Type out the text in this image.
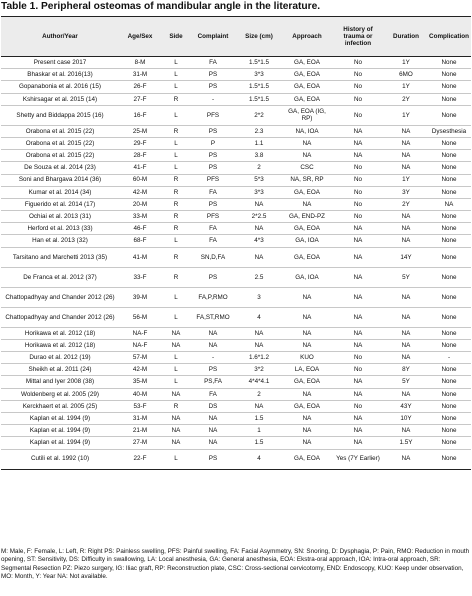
Table 1. Peripheral osteomas of mandibular angle in the literature.
Author/Year	Age/Sex	Side	Complaint	Size (cm)	Approach	History of trauma or infection	Duration	Complication
Present case 2017	8-M	L	FA	1.5*1.5	GA, EOA	No	1Y	None
Bhaskar et al. 2016(13)	31-M	L	PS	3*3	GA, EOA	No	6MO	None
Gopanabonia et al. 2016 (15)	26-F	L	PS	1.5*1.5	GA, EOA	No	1Y	None
Kshirsagar et al. 2015 (14)	27-F	R	-	1.5*1.5	GA, EOA	No	2Y	None
Shetty and Biddappa 2015 (16)	16-F	L	PFS	2*2	GA, EOA (IG, RP)	No	1Y	None
Orabona et al. 2015 (22)	25-M	R	PS	2.3	NA, IOA	NA	NA	Dysesthesia
Orabona et al. 2015 (22)	29-F	L	P	1.1	NA	NA	NA	None
Orabona et al. 2015 (22)	28-F	L	PS	3.8	NA	NA	NA	None
De Souza et al. 2014 (23)	41-F	L	PS	2	CSC	No	NA	None
Soni and Bhargava 2014 (36)	60-M	R	PFS	5*3	NA, SR, RP	No	1Y	None
Kumar et al. 2014 (34)	42-M	R	FA	3*3	GA, EOA	No	3Y	None
Figuerido et al. 2014 (17)	20-M	R	PS	NA	NA	No	2Y	NA
Ochiai et al. 2013 (31)	33-M	R	PFS	2*2.5	GA, END-PZ	No	NA	None
Herford et al. 2013 (33)	46-F	R	FA	NA	GA, EOA	NA	NA	None
Han et al. 2013 (32)	68-F	L	FA	4*3	GA, IOA	NA	NA	None
Tarsitano and Marchetti 2013 (35)	41-M	R	SN,D,FA	NA	GA, EOA	NA	14Y	None
De Franca et al. 2012 (37)	33-F	R	PS	2.5	GA, IOA	NA	5Y	None
Chattopadhyay and Chander 2012 (26)	39-M	L	FA,P,RMO	3	NA	NA	NA	None
Chattopadhyay and Chander 2012 (26)	56-M	L	FA,ST,RMO	4	NA	NA	NA	None
Horikawa et al. 2012 (18)	NA-F	NA	NA	NA	NA	NA	NA	None
Horikawa et al. 2012 (18)	NA-F	NA	NA	NA	NA	NA	NA	None
Durao et al. 2012 (19)	57-M	L	-	1.6*1.2	KUO	No	NA	-
Sheikh et al. 2011 (24)	42-M	L	PS	3*2	LA, EOA	No	8Y	None
Mittal and Iyer 2008 (38)	35-M	L	PS,FA	4*4*4.1	GA, EOA	NA	5Y	None
Woldenberg et al. 2005 (29)	40-M	NA	FA	2	NA	NA	NA	None
Kerckhaert et al. 2005 (25)	53-F	R	DS	NA	GA, EOA	No	43Y	None
Kaplan et al. 1994 (9)	31-M	NA	NA	1.5	NA	NA	10Y	None
Kaplan et al. 1994 (9)	21-M	NA	NA	1	NA	NA	NA	None
Kaplan et al. 1994 (9)	27-M	NA	NA	1.5	NA	NA	1.5Y	None
Cutili et al. 1992 (10)	22-F	L	PS	4	GA, EOA	Yes (7Y Earlier)	NA	None
M: Male, F: Female, L: Left, R: Right PS: Painless swelling, PFS: Painful swelling, FA: Facial Asymmetry, SN: Snoring, D: Dysphagia, P: Pain, RMO: Reduction in mouth opening, ST: Sensitivity, DS: Difficulty in swallowing, LA: Local anesthesia, GA: General anesthesia, EOA: Ekstra-oral approach, IOA: Intra-oral approach, SR: Segmental Resection PZ: Piezo surgery, IG: Iliac graft, RP: Reconstruction plate, CSC: Cross-sectional cervicotomy, END: Endoscopy, KUO: Keep under observation, MO: Month, Y: Year NA: Not available.
